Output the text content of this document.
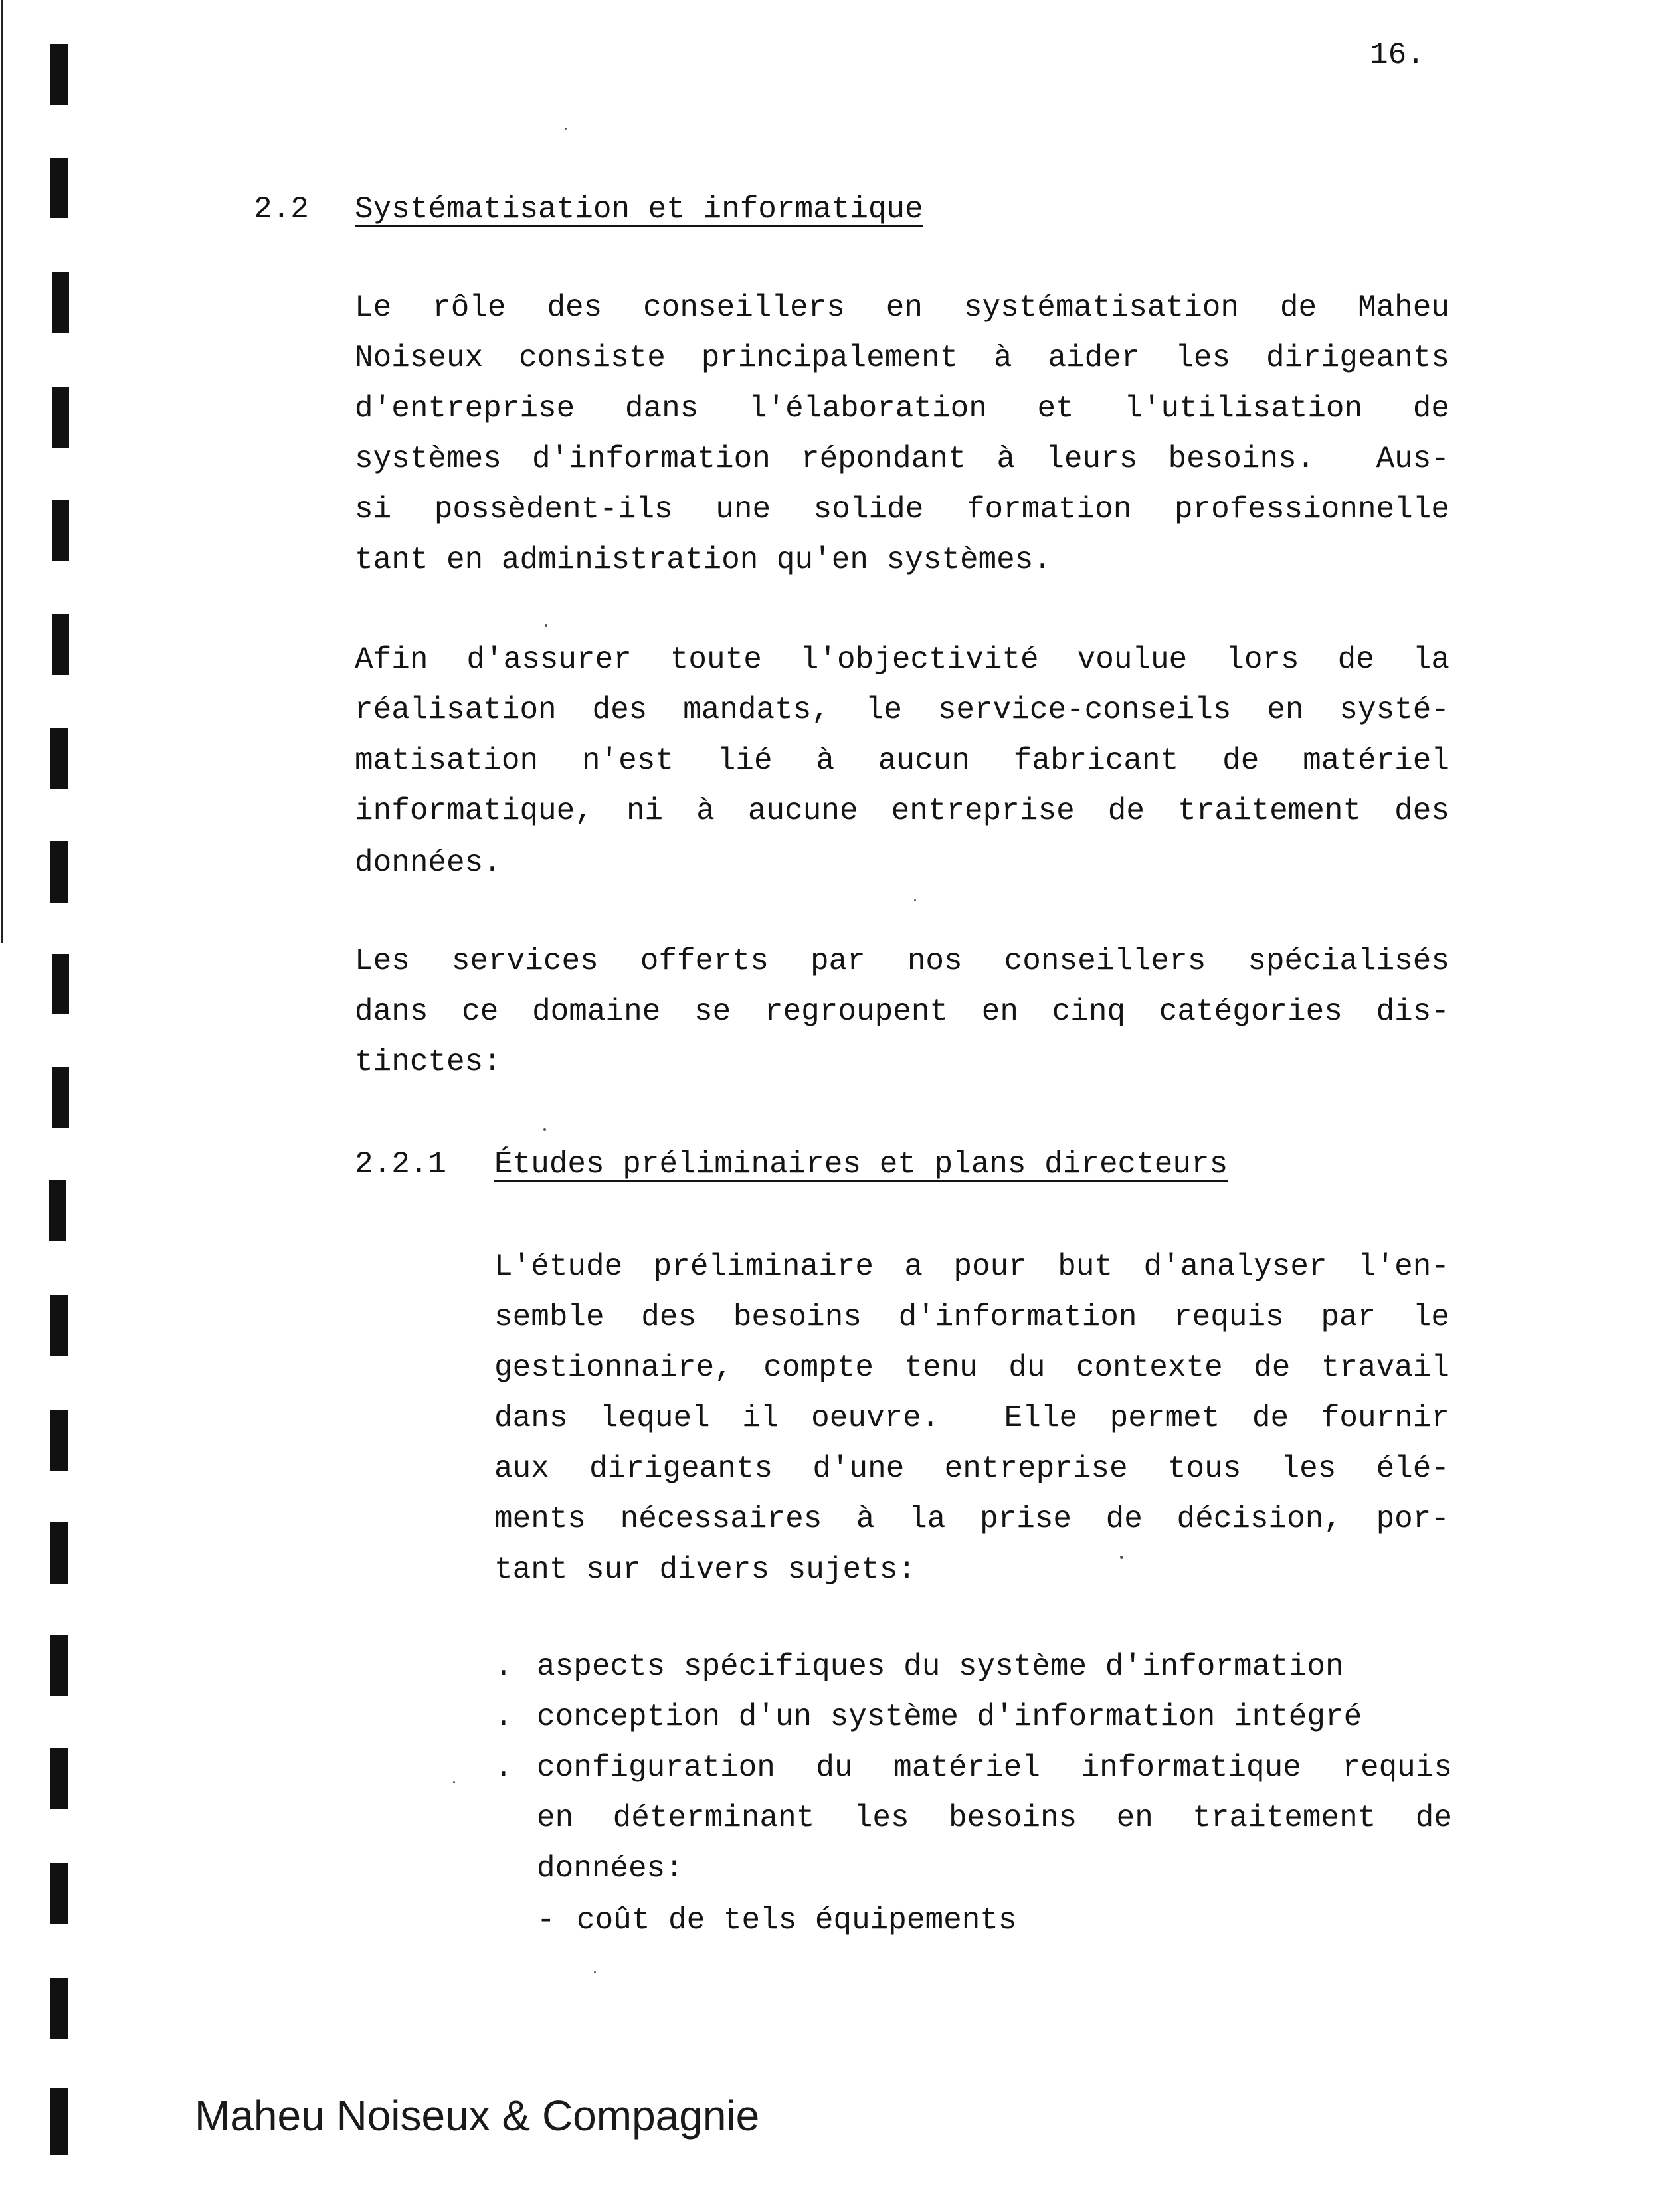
16.
2.2 Systématisation et informatique
Le rôle des conseillers en systématisation de Maheu
Noiseux consiste principalement à aider les dirigeants
d'entreprise dans l'élaboration et l'utilisation de
systèmes d'information répondant à leurs besoins.  Aus-
si possèdent-ils une solide formation professionnelle
tant en administration qu'en systèmes.
Afin d'assurer toute l'objectivité voulue lors de la
réalisation des mandats, le service-conseils en systé-
matisation n'est lié à aucun fabricant de matériel
informatique, ni à aucune entreprise de traitement des
données.
Les services offerts par nos conseillers spécialisés
dans ce domaine se regroupent en cinq catégories dis-
tinctes:
2.2.1 Études préliminaires et plans directeurs
L'étude préliminaire a pour but d'analyser l'en-
semble des besoins d'information requis par le
gestionnaire, compte tenu du contexte de travail
dans lequel il oeuvre.  Elle permet de fournir
aux dirigeants d'une entreprise tous les élé-
ments nécessaires à la prise de décision, por-
tant sur divers sujets:
. aspects spécifiques du système d'information
. conception d'un système d'information intégré
. configuration du matériel informatique requis
en déterminant les besoins en traitement de
données:
- coût de tels équipements
Maheu Noiseux & Compagnie
